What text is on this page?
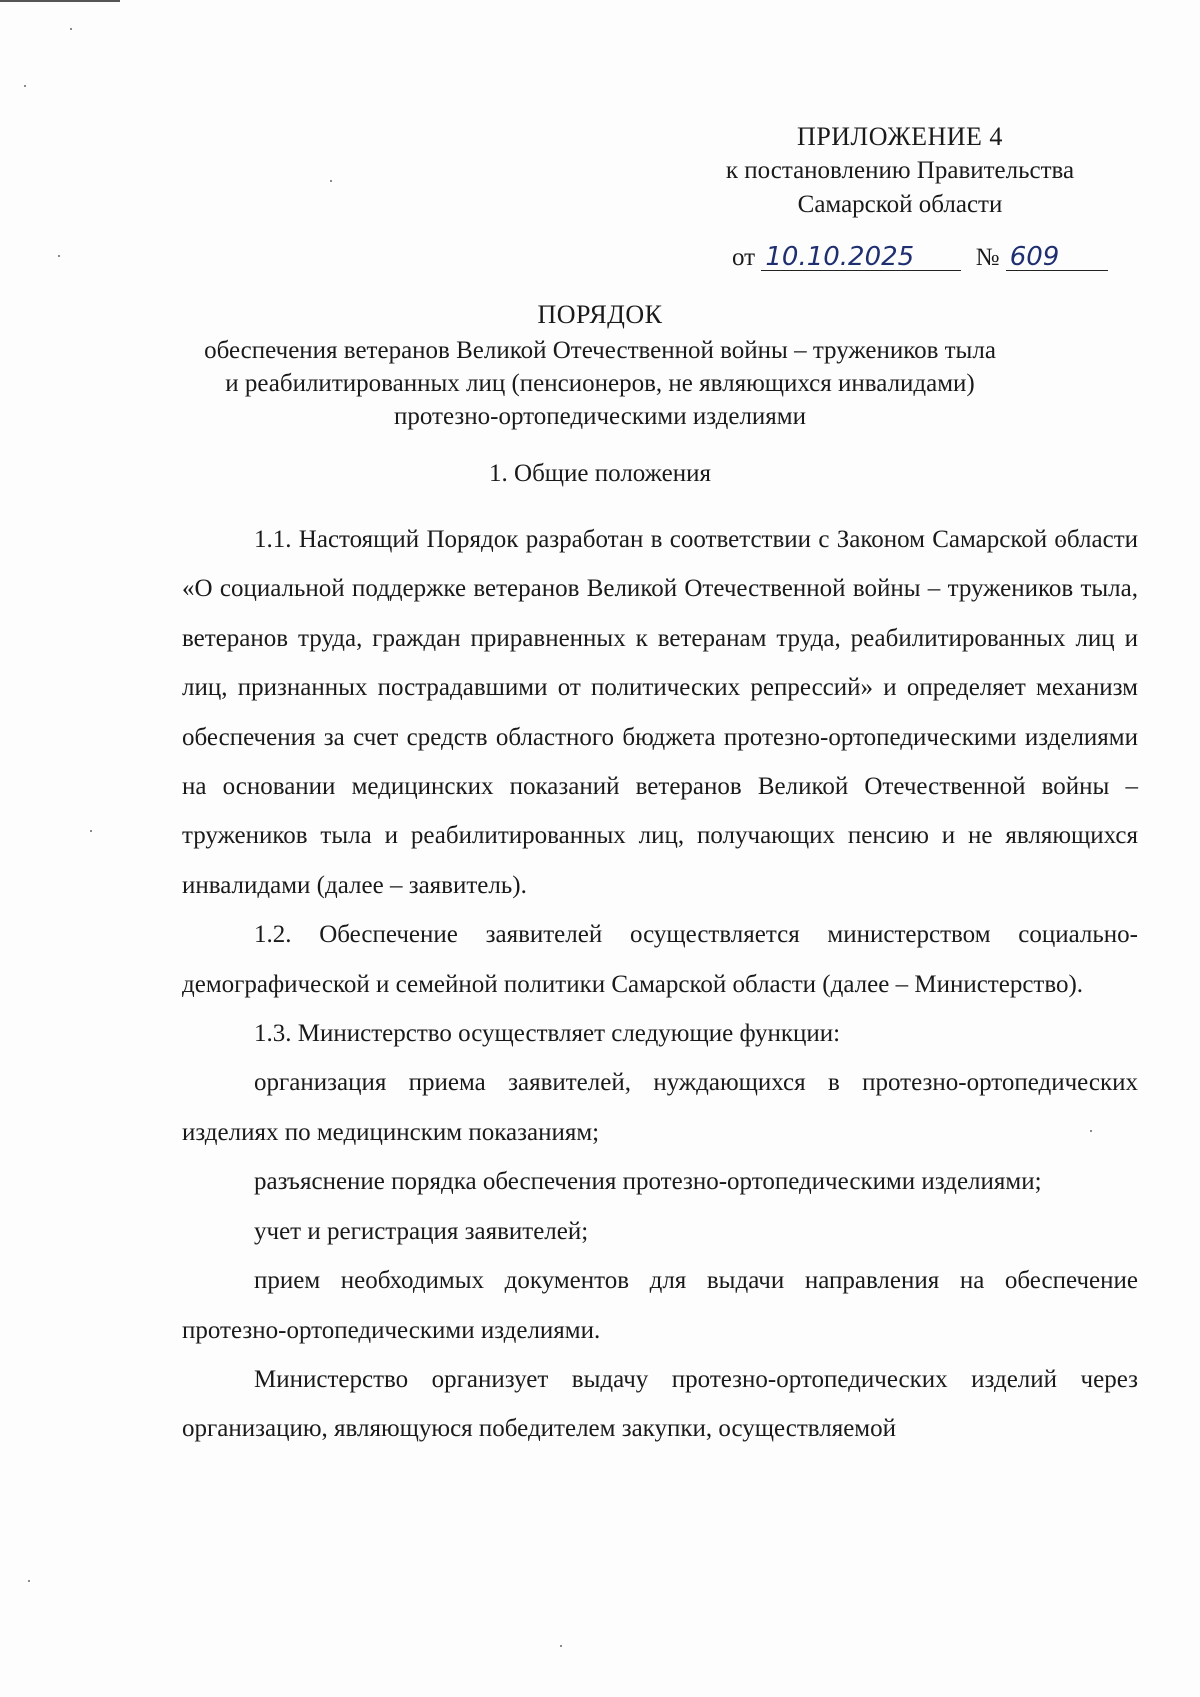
ПРИЛОЖЕНИЕ 4
к постановлению Правительства
Самарской области
от 10.10.2025 № 609
ПОРЯДОК
обеспечения ветеранов Великой Отечественной войны – тружеников тыла
и реабилитированных лиц (пенсионеров, не являющихся инвалидами)
протезно-ортопедическими изделиями
1. Общие положения

1.1. Настоящий Порядок разработан в соответствии с Законом Самарской области «О социальной поддержке ветеранов Великой Отечественной войны – тружеников тыла, ветеранов труда, граждан приравненных к ветеранам труда, реабилитированных лиц и лиц, признанных пострадавшими от политических репрессий» и определяет механизм обеспечения за счет средств областного бюджета протезно-ортопедическими изделиями на основании медицинских показаний ветеранов Великой Отечественной войны – тружеников тыла и реабилитированных лиц, получающих пенсию и не являющихся инвалидами (далее – заявитель).

1.2. Обеспечение заявителей осуществляется министерством социально-демографической и семейной политики Самарской области (далее – Министерство).

1.3. Министерство осуществляет следующие функции:

организация приема заявителей, нуждающихся в протезно-ортопедических изделиях по медицинским показаниям;

разъяснение порядка обеспечения протезно-ортопедическими изделиями;

учет и регистрация заявителей;

прием необходимых документов для выдачи направления на обеспечение протезно-ортопедическими изделиями.

Министерство организует выдачу протезно-ортопедических изделий через организацию, являющуюся победителем закупки, осуществляемой
